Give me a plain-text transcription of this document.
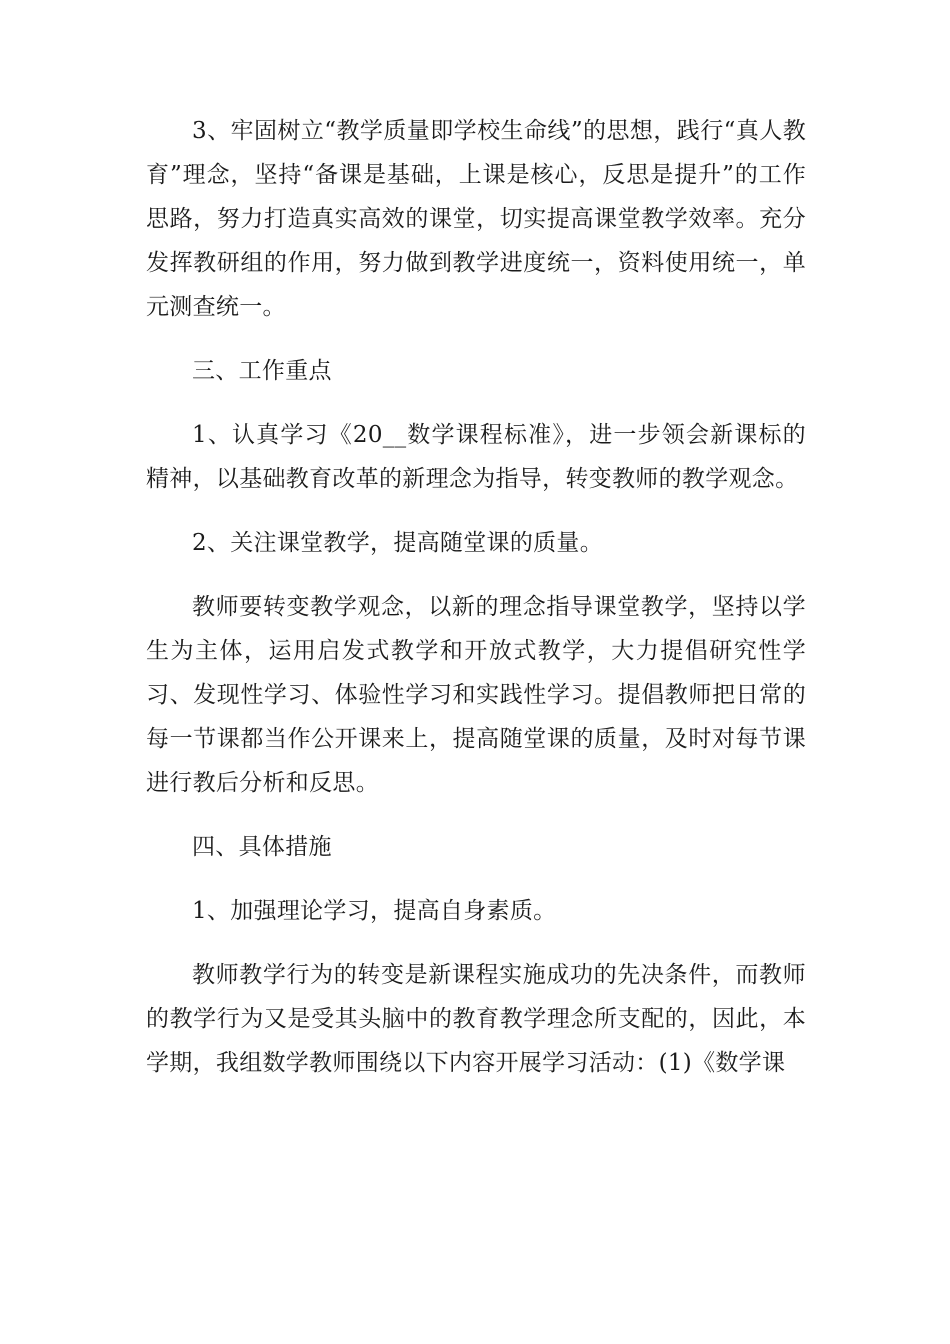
3、牢固树立“教学质量即学校生命线”的思想，践行“真人教育”理念，坚持“备课是基础，上课是核心，反思是提升”的工作思路，努力打造真实高效的课堂，切实提高课堂教学效率。充分发挥教研组的作用，努力做到教学进度统一，资料使用统一，单元测查统一。

三、工作重点

1、认真学习《20__数学课程标准》，进一步领会新课标的精神，以基础教育改革的新理念为指导，转变教师的教学观念。

2、关注课堂教学，提高随堂课的质量。

教师要转变教学观念，以新的理念指导课堂教学，坚持以学生为主体，运用启发式教学和开放式教学，大力提倡研究性学习、发现性学习、体验性学习和实践性学习。提倡教师把日常的每一节课都当作公开课来上，提高随堂课的质量，及时对每节课进行教后分析和反思。

四、具体措施

1、加强理论学习，提高自身素质。

教师教学行为的转变是新课程实施成功的先决条件，而教师的教学行为又是受其头脑中的教育教学理念所支配的，因此，本学期，我组数学教师围绕以下内容开展学习活动：(1)《数学课
